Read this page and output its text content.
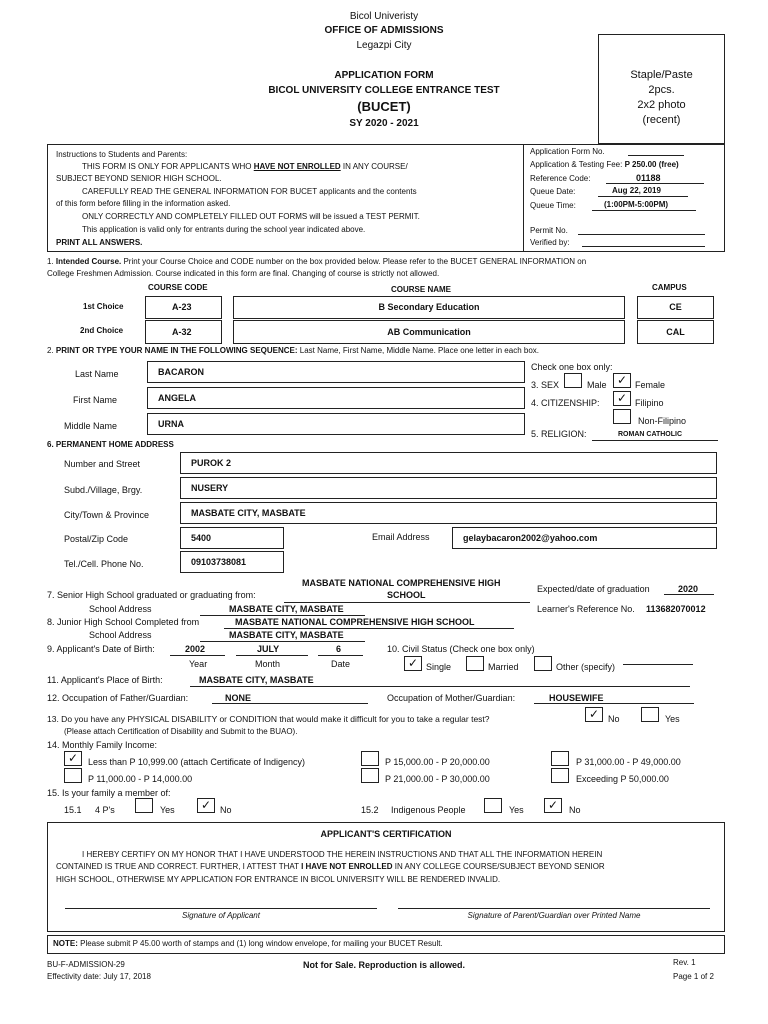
Bicol Univeristy
OFFICE OF ADMISSIONS
Legazpi City
APPLICATION FORM
BICOL UNIVERSITY COLLEGE ENTRANCE TEST
(BUCET)
SY 2020 - 2021
Staple/Paste
2pcs.
2x2 photo
(recent)
Instructions to Students and Parents:
THIS FORM IS ONLY FOR APPLICANTS WHO HAVE NOT ENROLLED IN ANY COURSE/
SUBJECT BEYOND SENIOR HIGH SCHOOL.
CAREFULLY READ THE GENERAL INFORMATION FOR BUCET applicants and the contents
of this form before filling in the information asked.
ONLY CORRECTLY AND COMPLETELY FILLED OUT FORMS will be issued a TEST PERMIT.
This application is valid only for entrants during the school year indicated above.
PRINT ALL ANSWERS.
Application Form No.
Application & Testing Fee: P 250.00 (free)
Reference Code:	01188
Queue Date:	Aug 22, 2019
Queue Time:	(1:00PM-5:00PM)
Permit No.
Verified by:
1. Intended Course. Print your Course Choice and CODE number on the box provided below. Please refer to the BUCET GENERAL INFORMATION on
College Freshmen Admission. Course indicated in this form are final. Changing of course is strictly not allowed.
COURSE CODE	COURSE NAME	CAMPUS
1st Choice	A-23	B Secondary Education	CE
2nd Choice	A-32	AB Communication	CAL
2. PRINT OR TYPE YOUR NAME IN THE FOLLOWING SEQUENCE: Last Name, First Name, Middle Name. Place one letter in each box.
Last Name	BACARON
First Name	ANGELA
Middle Name	URNA
Check one box only:
3. SEX	Male ✓ Female
4. CITIZENSHIP:	✓ Filipino
Non-Filipino
5. RELIGION:	ROMAN CATHOLIC
6. PERMANENT HOME ADDRESS
Number and Street	PUROK 2
Subd./Village, Brgy.	NUSERY
City/Town & Province	MASBATE CITY, MASBATE
Postal/Zip Code	5400	Email Address	gelaybacaron2002@yahoo.com
Tel./Cell. Phone No.	09103738081
MASBATE NATIONAL COMPREHENSIVE HIGH
7. Senior High School graduated or graduating from:	SCHOOL
Expected/date of graduation	2020
School Address	MASBATE CITY, MASBATE	Learner's Reference No. 113682070012
8. Junior High School Completed from	MASBATE NATIONAL COMPREHENSIVE HIGH SCHOOL
School Address	MASBATE CITY, MASBATE
9. Applicant's Date of Birth:	2002	JULY	6
Year	Month	Date
10. Civil Status (Check one box only)
✓ Single	Married	Other (specify)
11. Applicant's Place of Birth:	MASBATE CITY, MASBATE
12. Occupation of Father/Guardian:	NONE	Occupation of Mother/Guardian:	HOUSEWIFE
13. Do you have any PHYSICAL DISABILITY or CONDITION that would make it difficult for you to take a regular test?
(Please attach Certification of Disability and Submit to the BUAO).
✓ No	Yes
14. Monthly Family Income:
✓	Less than P 10,999.00 (attach Certificate of Indigency)	P 15,000.00 - P 20,000.00	P 31,000.00 - P 49,000.00
P 11,000.00 - P 14,000.00	P 21,000.00 - P 30,000.00	Exceeding P 50,000.00
15. Is your family a member of:
15.1 4 P's	Yes	✓ No	15.2 Indigenous People	Yes	✓	No
APPLICANT'S CERTIFICATION
I HEREBY CERTIFY ON MY HONOR THAT I HAVE UNDERSTOOD THE HEREIN INSTRUCTIONS AND THAT ALL THE INFORMATION HEREIN
CONTAINED IS TRUE AND CORRECT. FURTHER, I ATTEST THAT I HAVE NOT ENROLLED IN ANY COLLEGE COURSE/SUBJECT BEYOND SENIOR
HIGH SCHOOL, OTHERWISE MY APPLICATION FOR ENTRANCE IN BICOL UNIVERSITY WILL BE RENDERED INVALID.
Signature of Applicant	Signature of Parent/Guardian over Printed Name
NOTE: Please submit P 45.00 worth of stamps and (1) long window envelope, for mailing your BUCET Result.
BU-F-ADMISSION-29
Effectivity date: July 17, 2018
Not for Sale. Reproduction is allowed.	Rev. 1
Page 1 of 2
